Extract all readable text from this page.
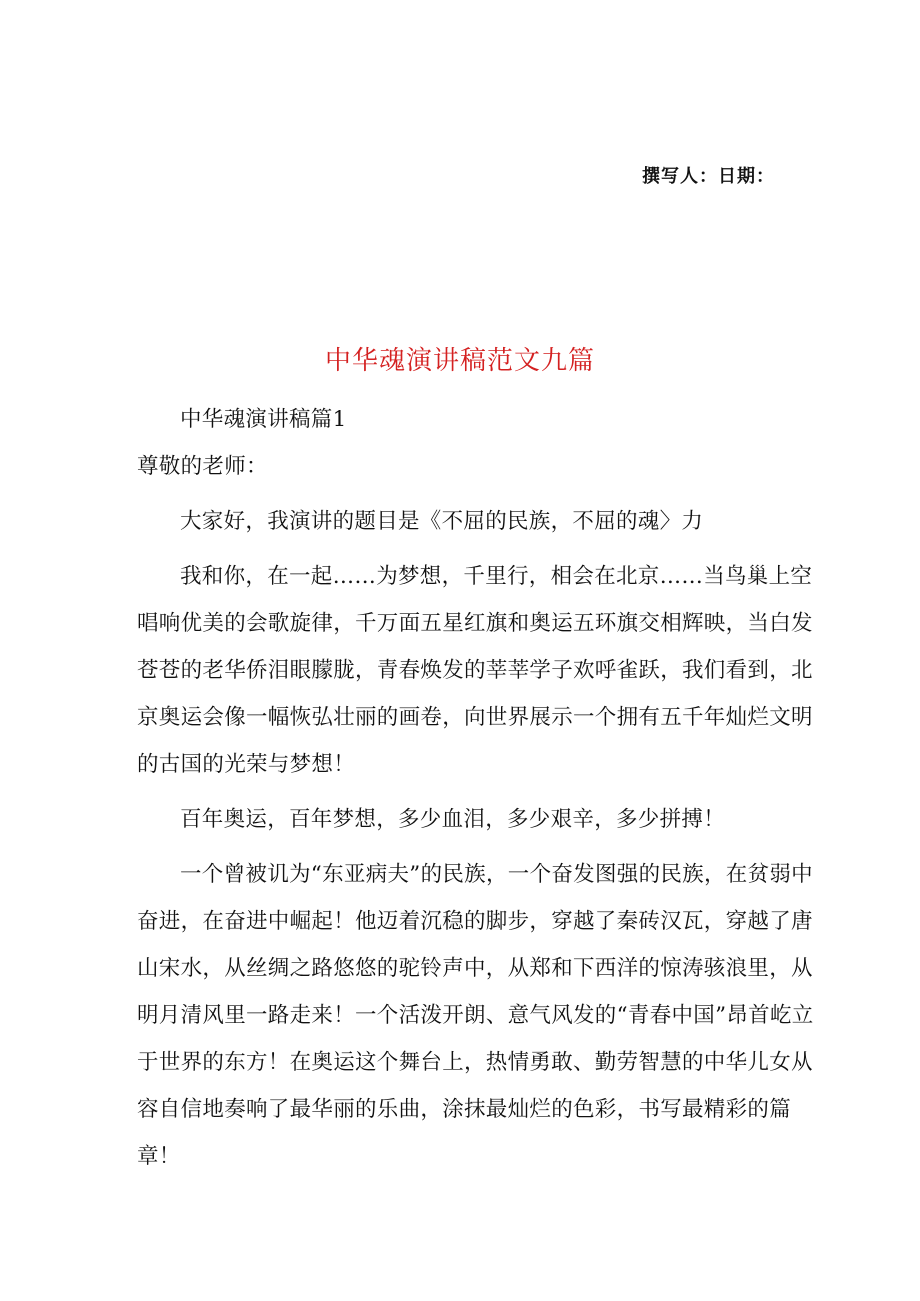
撰写人：日期：
中华魂演讲稿范文九篇

中华魂演讲稿篇1

尊敬的老师：

大家好，我演讲的题目是《不屈的民族，不屈的魂〉力

我和你，在一起……为梦想，千里行，相会在北京……当鸟巢上空唱响优美的会歌旋律，千万面五星红旗和奥运五环旗交相辉映，当白发苍苍的老华侨泪眼朦胧，青春焕发的莘莘学子欢呼雀跃，我们看到，北京奥运会像一幅恢弘壮丽的画卷，向世界展示一个拥有五千年灿烂文明的古国的光荣与梦想！

百年奥运，百年梦想，多少血泪，多少艰辛，多少拼搏！

一个曾被讥为“东亚病夫”的民族，一个奋发图强的民族，在贫弱中奋进，在奋进中崛起！他迈着沉稳的脚步，穿越了秦砖汉瓦，穿越了唐山宋水，从丝绸之路悠悠的驼铃声中，从郑和下西洋的惊涛骇浪里，从明月清风里一路走来！一个活泼开朗、意气风发的“青春中国”昂首屹立于世界的东方！在奥运这个舞台上，热情勇敢、勤劳智慧的中华儿女从容自信地奏响了最华丽的乐曲，涂抹最灿烂的色彩，书写最精彩的篇章！
